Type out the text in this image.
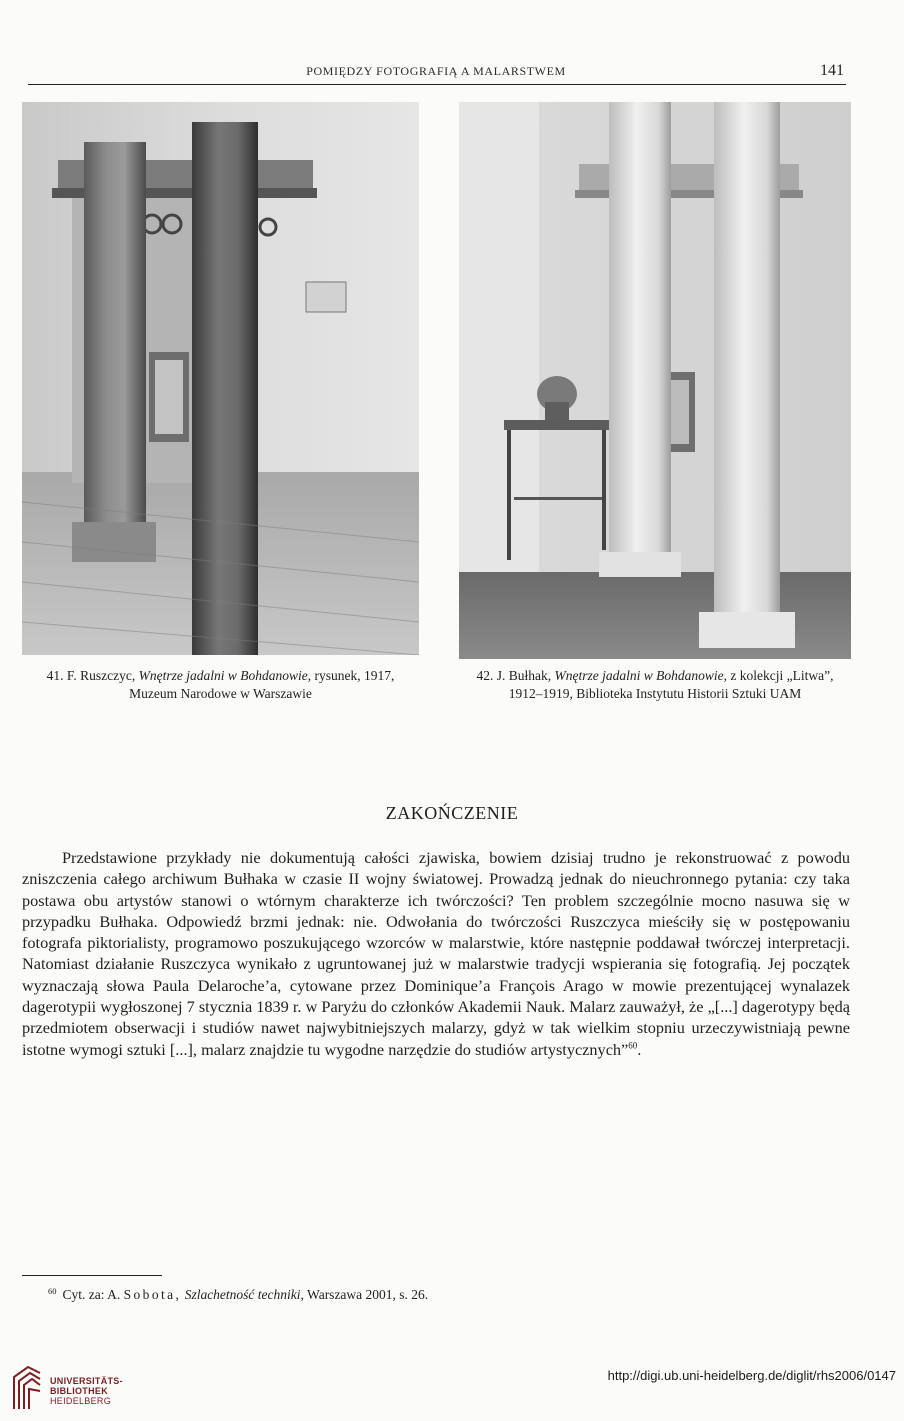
POMIĘDZY FOTOGRAFIĄ A MALARSTWEM	141
41. F. Ruszczyc, Wnętrze jadalni w Bohdanowie, rysunek, 1917, Muzeum Narodowe w Warszawie
42. J. Bułhak, Wnętrze jadalni w Bohdanowie, z kolekcji „Litwa”, 1912–1919, Biblioteka Instytutu Historii Sztuki UAM
ZAKOŃCZENIE

Przedstawione przykłady nie dokumentują całości zjawiska, bowiem dzisiaj trudno je rekonstruować z powodu zniszczenia całego archiwum Bułhaka w czasie II wojny światowej. Prowadzą jednak do nieuchronnego pytania: czy taka postawa obu artystów stanowi o wtórnym charakterze ich twórczości? Ten problem szczególnie mocno nasuwa się w przypadku Bułhaka. Odpowiedź brzmi jednak: nie. Odwołania do twórczości Ruszczyca mieściły się w postępowaniu fotografa piktorialisty, programowo poszukującego wzorców w malarstwie, które następnie poddawał twórczej interpretacji. Natomiast działanie Ruszczyca wynikało z ugruntowanej już w malarstwie tradycji wspierania się fotografią. Jej początek wyznaczają słowa Paula Delaroche’a, cytowane przez Dominique’a François Arago w mowie prezentującej wynalazek dagerotypii wygłoszonej 7 stycznia 1839 r. w Paryżu do członków Akademii Nauk. Malarz zauważył, że „[...] dagerotypy będą przedmiotem obserwacji i studiów nawet najwybitniejszych malarzy, gdyż w tak wielkim stopniu urzeczywistniają pewne istotne wymogi sztuki [...], malarz znajdzie tu wygodne narzędzie do studiów artystycznych”$^{60}$.

$^{60}$ Cyt. za: A. Sobota, Szlachetność techniki, Warszawa 2001, s. 26.
UNIVERSITÄTS-
BIBLIOTHEK
HEIDELBERG
http://digi.ub.uni-heidelberg.de/diglit/rhs2006/0147
